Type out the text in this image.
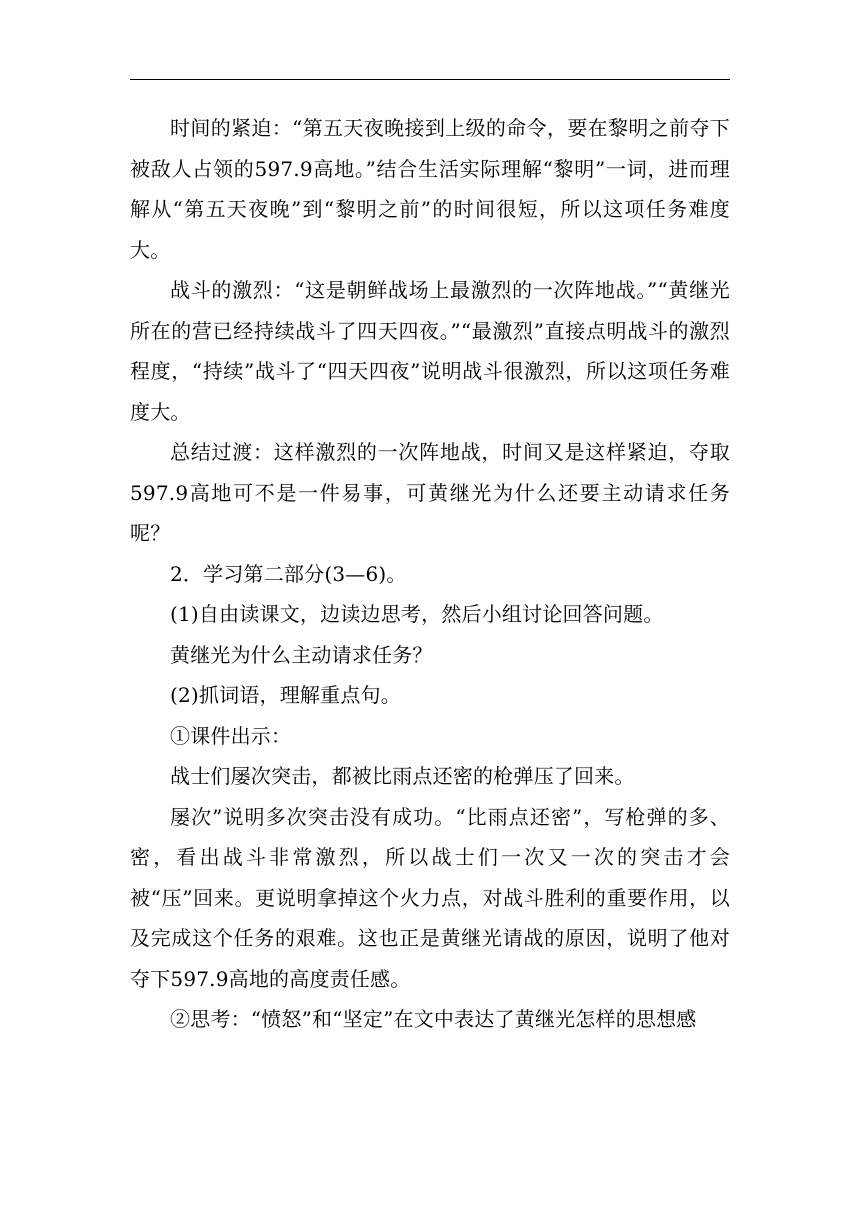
时间的紧迫：“第五天夜晚接到上级的命令，要在黎明之前夺下被敌人占领的597.9高地。”结合生活实际理解“黎明”一词，进而理解从“第五天夜晚”到“黎明之前”的时间很短，所以这项任务难度大。

战斗的激烈：“这是朝鲜战场上最激烈的一次阵地战。”“黄继光所在的营已经持续战斗了四天四夜。”“最激烈”直接点明战斗的激烈程度，“持续”战斗了“四天四夜”说明战斗很激烈，所以这项任务难度大。

总结过渡：这样激烈的一次阵地战，时间又是这样紧迫，夺取597.9高地可不是一件易事，可黄继光为什么还要主动请求任务呢？

2．学习第二部分(3—6)。

(1)自由读课文，边读边思考，然后小组讨论回答问题。

黄继光为什么主动请求任务？

(2)抓词语，理解重点句。

①课件出示：

战士们屡次突击，都被比雨点还密的枪弹压了回来。

屡次”说明多次突击没有成功。“比雨点还密”，写枪弹的多、密，看出战斗非常激烈，所以战士们一次又一次的突击才会被“压”回来。更说明拿掉这个火力点，对战斗胜利的重要作用，以及完成这个任务的艰难。这也正是黄继光请战的原因，说明了他对夺下597.9高地的高度责任感。

②思考：“愤怒”和“坚定”在文中表达了黄继光怎样的思想感
